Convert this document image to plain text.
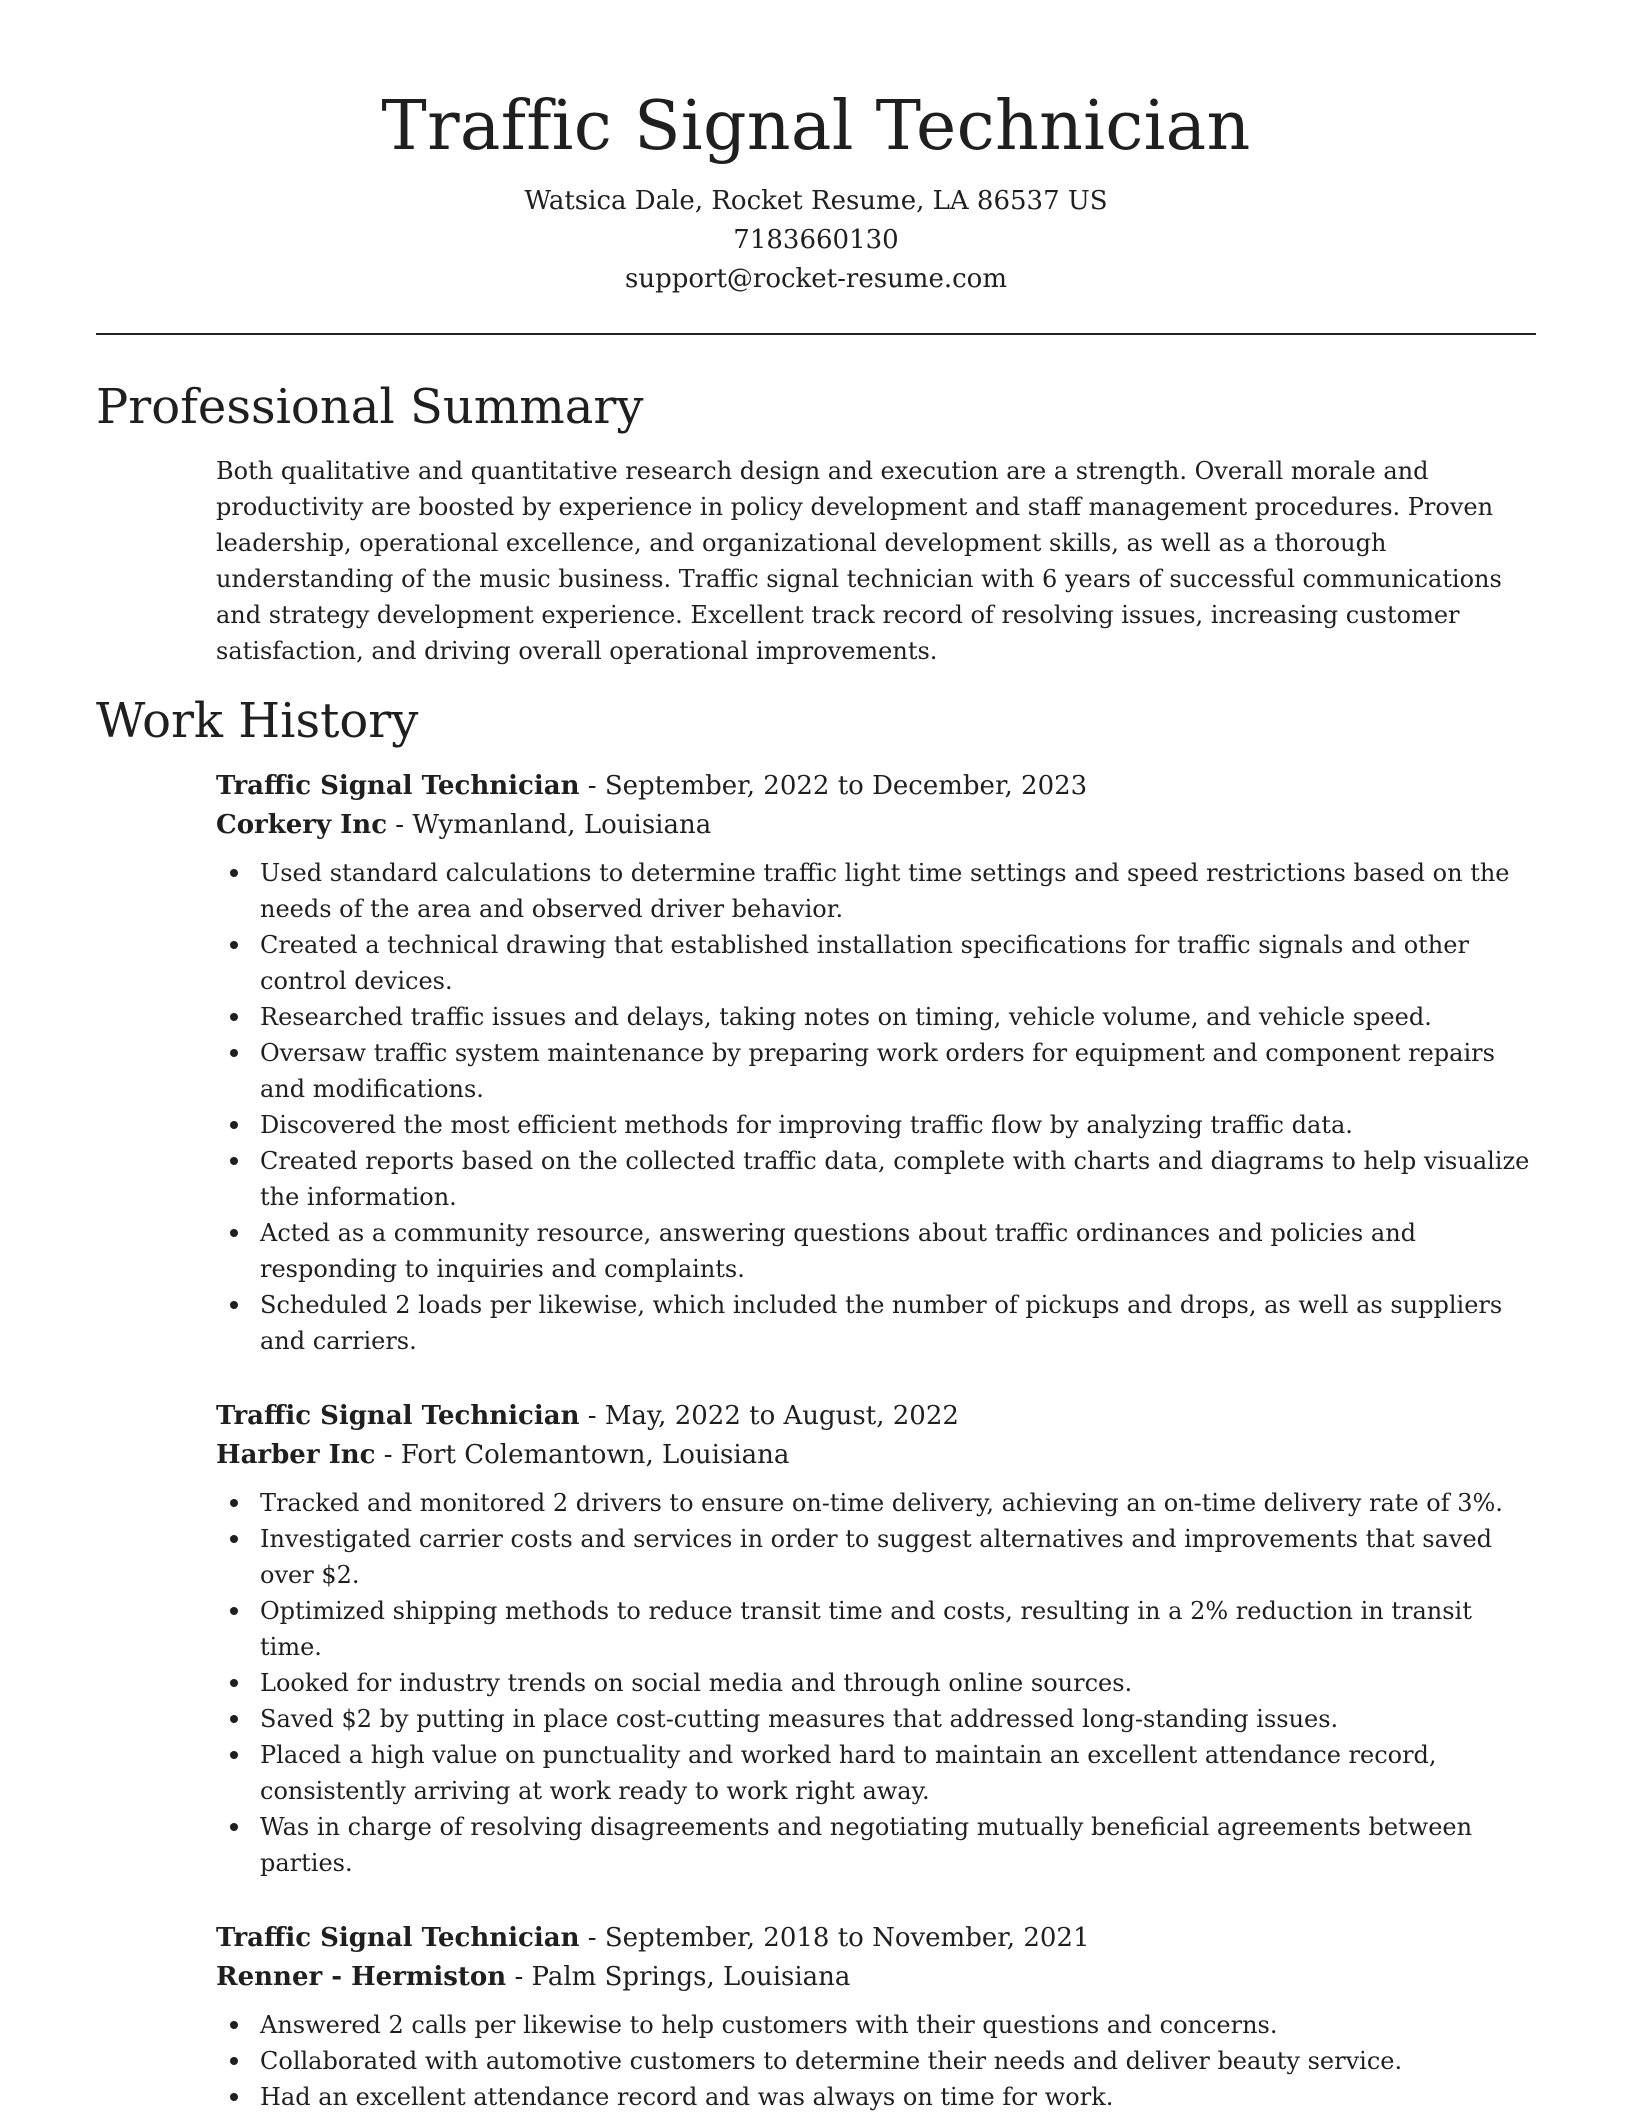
Traffic Signal Technician
Watsica Dale, Rocket Resume, LA 86537 US
7183660130
support@rocket-resume.com
Professional Summary

Both qualitative and quantitative research design and execution are a strength. Overall morale and productivity are boosted by experience in policy development and staff management procedures. Proven leadership, operational excellence, and organizational development skills, as well as a thorough understanding of the music business. Traffic signal technician with 6 years of successful communications and strategy development experience. Excellent track record of resolving issues, increasing customer satisfaction, and driving overall operational improvements.

Work History
Traffic Signal Technician - September, 2022 to December, 2023
Corkery Inc - Wymanland, Louisiana
Used standard calculations to determine traffic light time settings and speed restrictions based on the needs of the area and observed driver behavior.
Created a technical drawing that established installation specifications for traffic signals and other control devices.
Researched traffic issues and delays, taking notes on timing, vehicle volume, and vehicle speed.
Oversaw traffic system maintenance by preparing work orders for equipment and component repairs and modifications.
Discovered the most efficient methods for improving traffic flow by analyzing traffic data.
Created reports based on the collected traffic data, complete with charts and diagrams to help visualize the information.
Acted as a community resource, answering questions about traffic ordinances and policies and responding to inquiries and complaints.
Scheduled 2 loads per likewise, which included the number of pickups and drops, as well as suppliers and carriers.
Traffic Signal Technician - May, 2022 to August, 2022
Harber Inc - Fort Colemantown, Louisiana
Tracked and monitored 2 drivers to ensure on-time delivery, achieving an on-time delivery rate of 3%.
Investigated carrier costs and services in order to suggest alternatives and improvements that saved over $2.
Optimized shipping methods to reduce transit time and costs, resulting in a 2% reduction in transit time.
Looked for industry trends on social media and through online sources.
Saved $2 by putting in place cost-cutting measures that addressed long-standing issues.
Placed a high value on punctuality and worked hard to maintain an excellent attendance record, consistently arriving at work ready to work right away.
Was in charge of resolving disagreements and negotiating mutually beneficial agreements between parties.
Traffic Signal Technician - September, 2018 to November, 2021
Renner - Hermiston - Palm Springs, Louisiana
Answered 2 calls per likewise to help customers with their questions and concerns.
Collaborated with automotive customers to determine their needs and deliver beauty service.
Had an excellent attendance record and was always on time for work.
